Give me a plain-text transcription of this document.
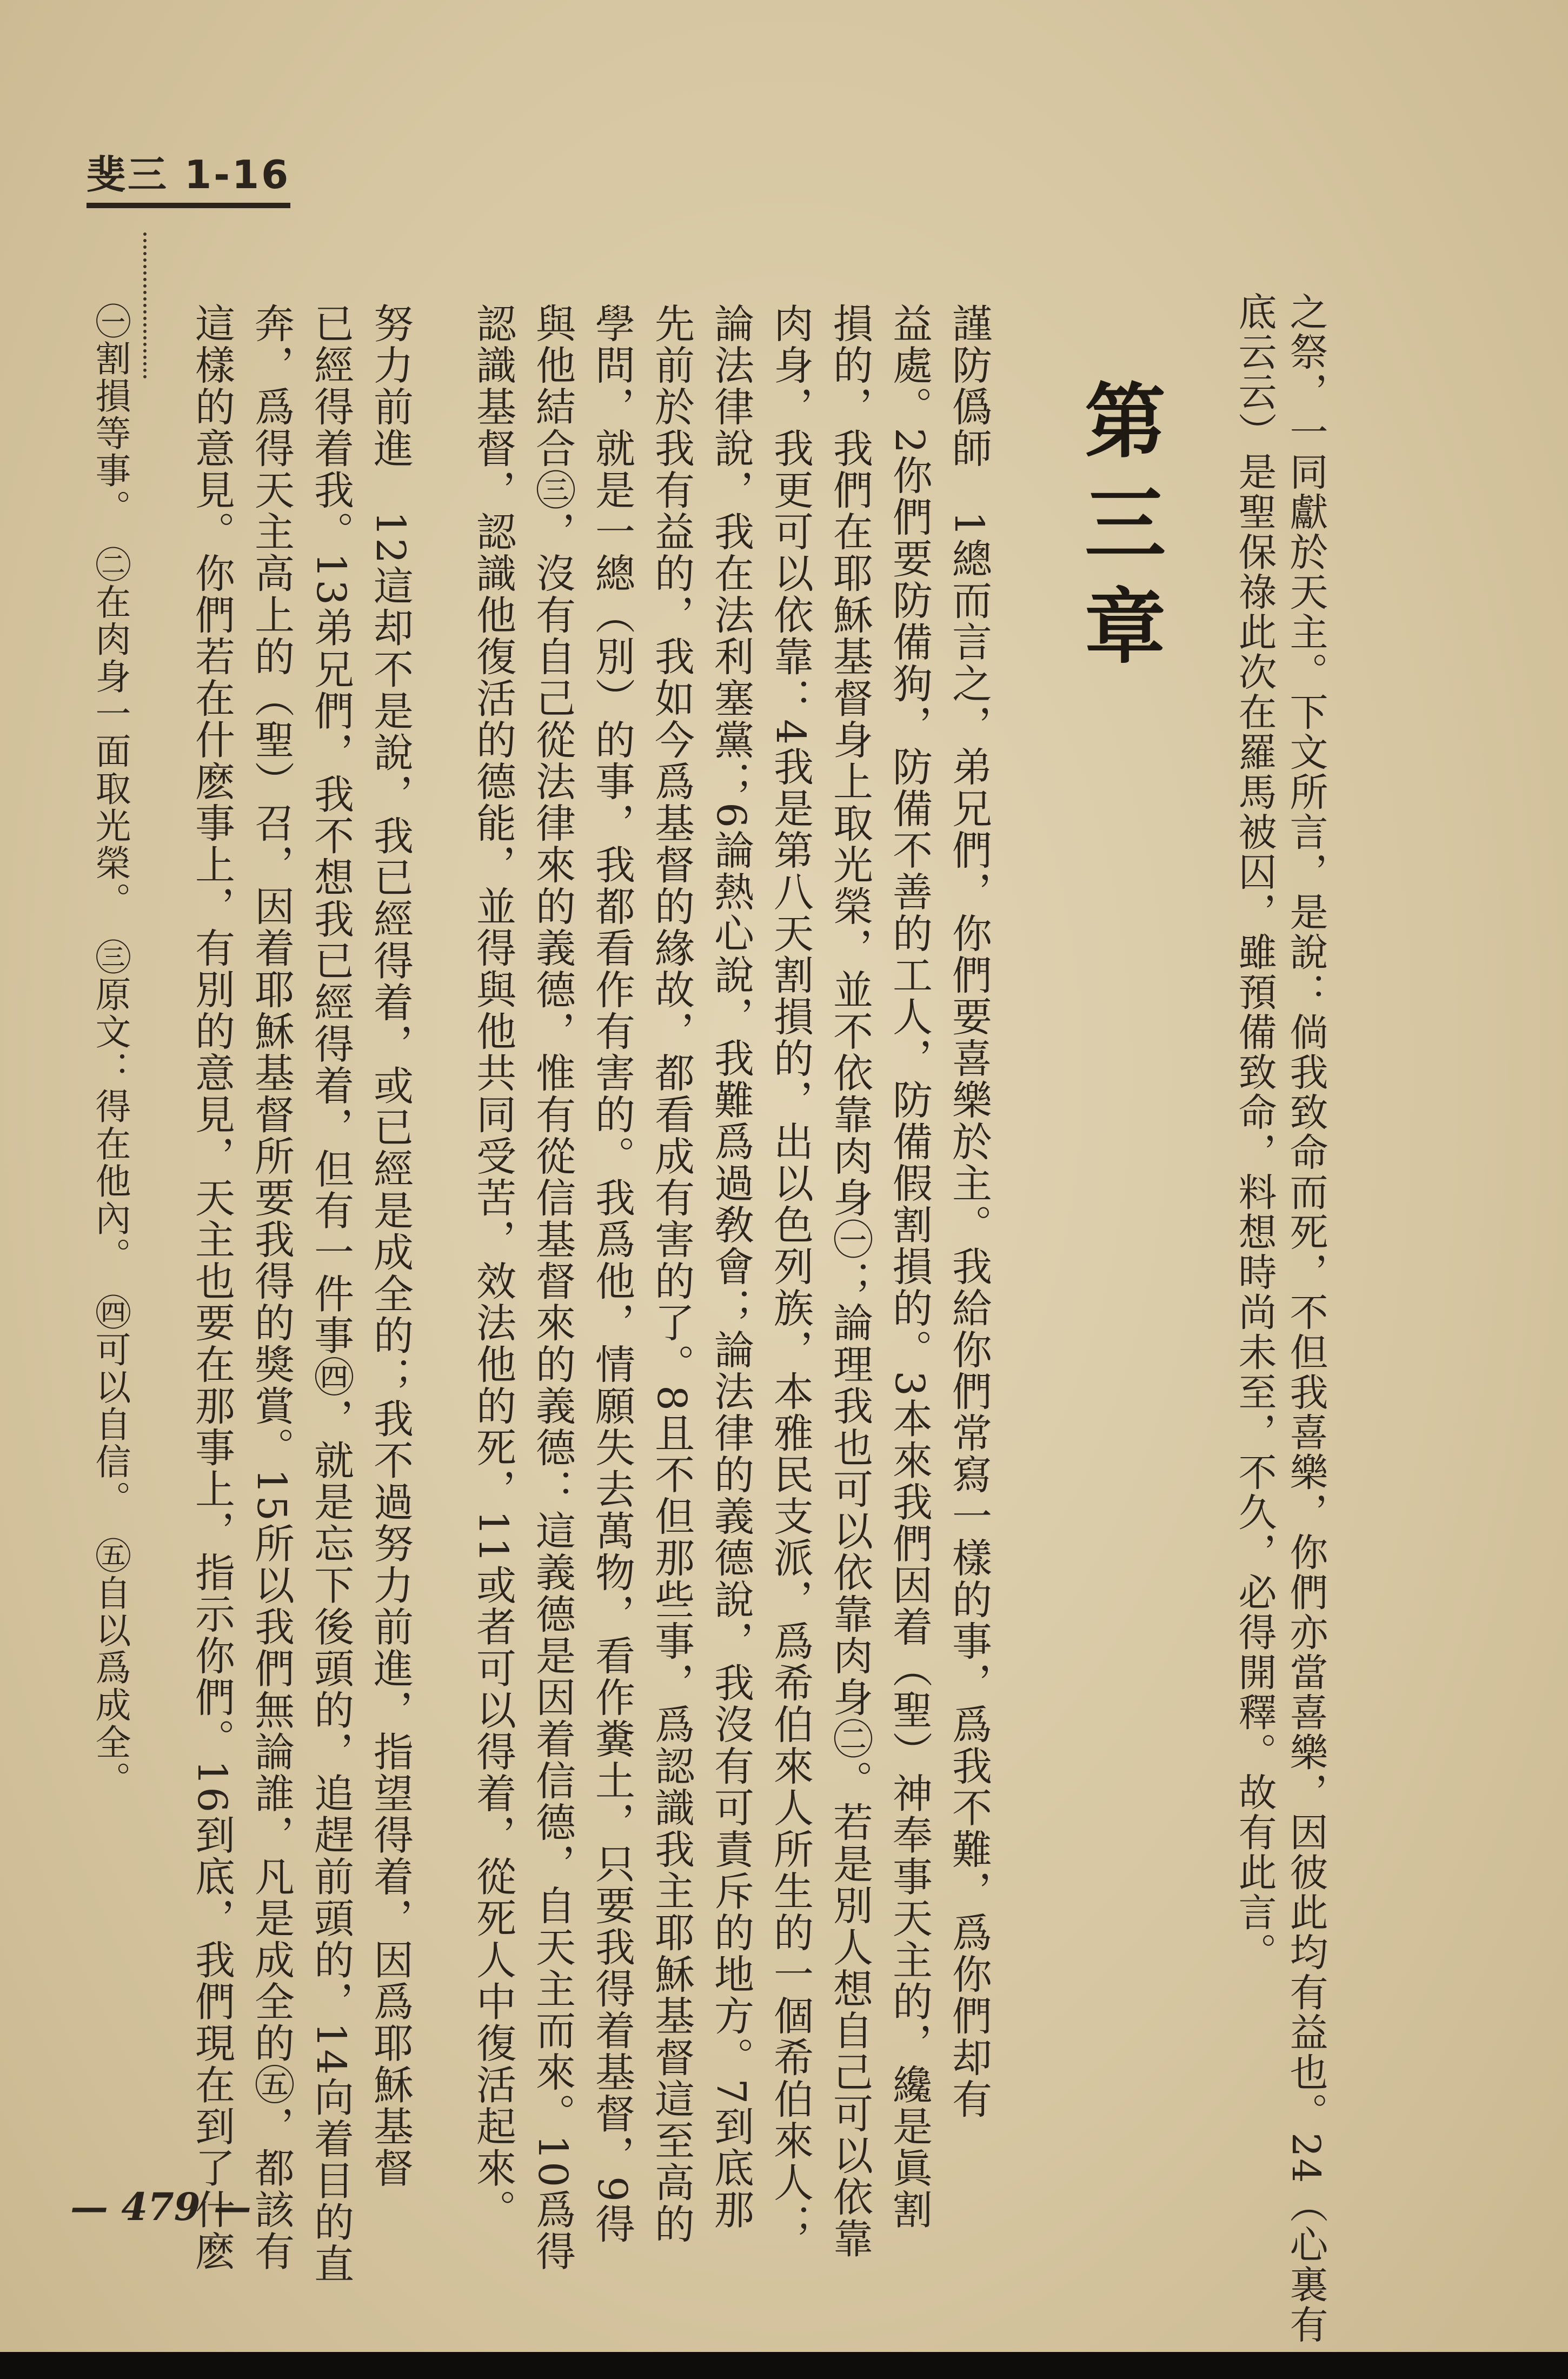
斐三 1-16
之祭，一同獻於天主。下文所言，是說：倘我致命而死，不但我喜樂，你們亦當喜樂，因彼此均有益也。24（心裏有
底云云）是聖保祿此次在羅馬被囚，雖預備致命，料想時尚未至，不久，必得開釋。故有此言。
第三章
謹防僞師　1總而言之，弟兄們，你們要喜樂於主。我給你們常寫一樣的事，爲我不難，爲你們却有
益處。2你們要防備狗，防備不善的工人，防備假割損的。3本來我們因着（聖）神奉事天主的，纔是眞割
損的，我們在耶穌基督身上取光榮，並不依靠肉身㊀；論理我也可以依靠肉身㊁。若是別人想自己可以依靠
肉身，我更可以依靠：4我是第八天割損的，出以色列族，本雅民支派，爲希伯來人所生的一個希伯來人；
論法律說，我在法利塞黨；6論熱心說，我難爲過敎會；論法律的義德說，我沒有可責斥的地方。7到底那
先前於我有益的，我如今爲基督的緣故，都看成有害的了。8且不但那些事，爲認識我主耶穌基督這至高的
學問，就是一總（別）的事，我都看作有害的。我爲他，情願失去萬物，看作糞土，只要我得着基督，9得
與他結合㊂，沒有自己從法律來的義德，惟有從信基督來的義德：這義德是因着信德，自天主而來。10爲得
認識基督，認識他復活的德能，並得與他共同受苦，效法他的死，11或者可以得着，從死人中復活起來。
努力前進　12這却不是說，我已經得着，或已經是成全的；我不過努力前進，指望得着，因爲耶穌基督
已經得着我。13弟兄們，我不想我已經得着，但有一件事㊃，就是忘下後頭的，追趕前頭的，14向着目的直
奔，爲得天主高上的（聖）召，因着耶穌基督所要我得的獎賞。15所以我們無論誰，凡是成全的㊄，都該有
這樣的意見。你們若在什麽事上，有別的意見，天主也要在那事上，指示你們。16到底，我們現在到了什麽
㊀割損等事。　㊁在肉身一面取光榮。　㊂原文：得在他內。　㊃可以自信。　㊄自以爲成全。
— 479 —
